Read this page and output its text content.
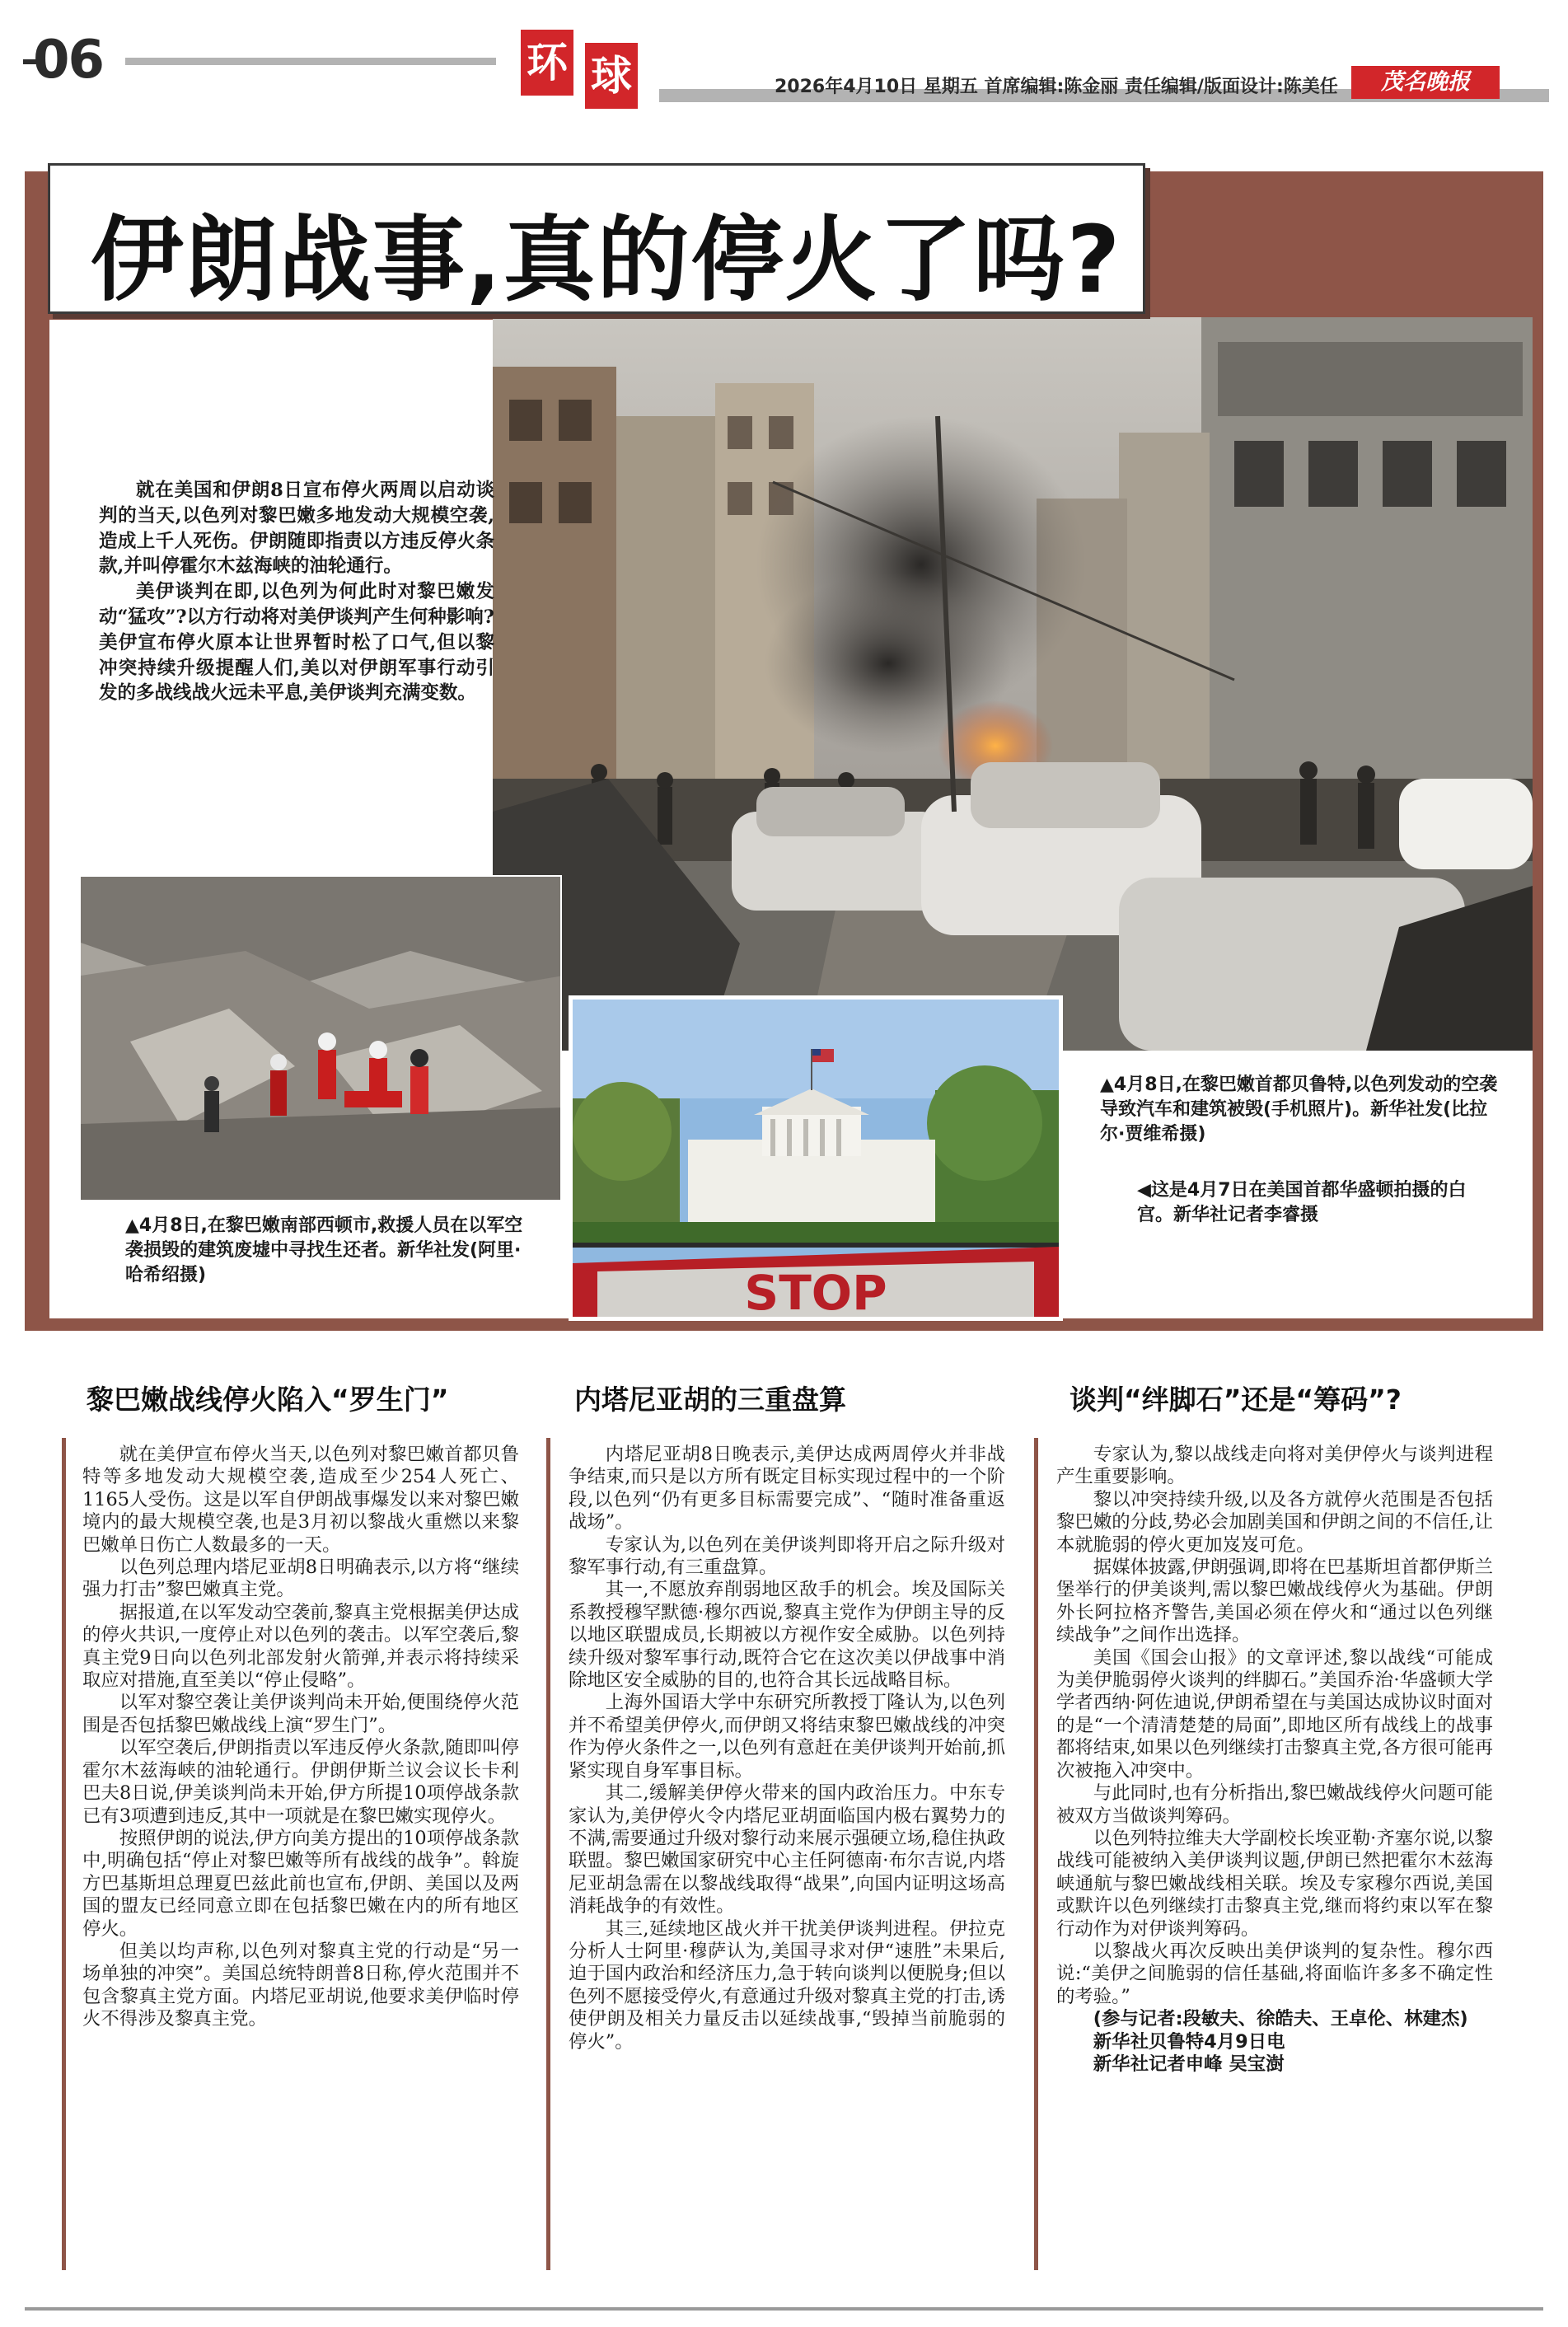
06	环 球	2026年4月10日 星期五 首席编辑:陈金丽 责任编辑/版面设计:陈美任	茂名晚报
伊朗战事,真的停火了吗?

就在美国和伊朗8日宣布停火两周以启动谈判的当天,以色列对黎巴嫩多地发动大规模空袭,造成上千人死伤。伊朗随即指责以方违反停火条款,并叫停霍尔木兹海峡的油轮通行。

美伊谈判在即,以色列为何此时对黎巴嫩发动“猛攻”?以方行动将对美伊谈判产生何种影响?美伊宣布停火原本让世界暂时松了口气,但以黎冲突持续升级提醒人们,美以对伊朗军事行动引发的多战线战火远未平息,美伊谈判充满变数。

▲4月8日,在黎巴嫩南部西顿市,救援人员在以军空袭损毁的建筑废墟中寻找生还者。新华社发(阿里·哈希绍摄)	STOP
▲4月8日,在黎巴嫩首都贝鲁特,以色列发动的空袭导致汽车和建筑被毁(手机照片)。新华社发(比拉尔·贾维希摄)
◀这是4月7日在美国首都华盛顿拍摄的白宫。新华社记者李睿摄
黎巴嫩战线停火陷入“罗生门”	内塔尼亚胡的三重盘算	谈判“绊脚石”还是“筹码”?

就在美伊宣布停火当天,以色列对黎巴嫩首都贝鲁特等多地发动大规模空袭,造成至少254人死亡、1165人受伤。这是以军自伊朗战事爆发以来对黎巴嫩境内的最大规模空袭,也是3月初以黎战火重燃以来黎巴嫩单日伤亡人数最多的一天。

以色列总理内塔尼亚胡8日明确表示,以方将“继续强力打击”黎巴嫩真主党。

据报道,在以军发动空袭前,黎真主党根据美伊达成的停火共识,一度停止对以色列的袭击。以军空袭后,黎真主党9日向以色列北部发射火箭弹,并表示将持续采取应对措施,直至美以“停止侵略”。

以军对黎空袭让美伊谈判尚未开始,便围绕停火范围是否包括黎巴嫩战线上演“罗生门”。

以军空袭后,伊朗指责以军违反停火条款,随即叫停霍尔木兹海峡的油轮通行。伊朗伊斯兰议会议长卡利巴夫8日说,伊美谈判尚未开始,伊方所提10项停战条款已有3项遭到违反,其中一项就是在黎巴嫩实现停火。

按照伊朗的说法,伊方向美方提出的10项停战条款中,明确包括“停止对黎巴嫩等所有战线的战争”。斡旋方巴基斯坦总理夏巴兹此前也宣布,伊朗、美国以及两国的盟友已经同意立即在包括黎巴嫩在内的所有地区停火。

但美以均声称,以色列对黎真主党的行动是“另一场单独的冲突”。美国总统特朗普8日称,停火范围并不包含黎真主党方面。内塔尼亚胡说,他要求美伊临时停火不得涉及黎真主党。

内塔尼亚胡8日晚表示,美伊达成两周停火并非战争结束,而只是以方所有既定目标实现过程中的一个阶段,以色列“仍有更多目标需要完成”、“随时准备重返战场”。

专家认为,以色列在美伊谈判即将开启之际升级对黎军事行动,有三重盘算。

其一,不愿放弃削弱地区敌手的机会。埃及国际关系教授穆罕默德·穆尔西说,黎真主党作为伊朗主导的反以地区联盟成员,长期被以方视作安全威胁。以色列持续升级对黎军事行动,既符合它在这次美以伊战事中消除地区安全威胁的目的,也符合其长远战略目标。

上海外国语大学中东研究所教授丁隆认为,以色列并不希望美伊停火,而伊朗又将结束黎巴嫩战线的冲突作为停火条件之一,以色列有意赶在美伊谈判开始前,抓紧实现自身军事目标。

其二,缓解美伊停火带来的国内政治压力。中东专家认为,美伊停火令内塔尼亚胡面临国内极右翼势力的不满,需要通过升级对黎行动来展示强硬立场,稳住执政联盟。黎巴嫩国家研究中心主任阿德南·布尔吉说,内塔尼亚胡急需在以黎战线取得“战果”,向国内证明这场高消耗战争的有效性。

其三,延续地区战火并干扰美伊谈判进程。伊拉克分析人士阿里·穆萨认为,美国寻求对伊“速胜”未果后,迫于国内政治和经济压力,急于转向谈判以便脱身;但以色列不愿接受停火,有意通过升级对黎真主党的打击,诱使伊朗及相关力量反击以延续战事,“毁掉当前脆弱的停火”。

专家认为,黎以战线走向将对美伊停火与谈判进程产生重要影响。

黎以冲突持续升级,以及各方就停火范围是否包括黎巴嫩的分歧,势必会加剧美国和伊朗之间的不信任,让本就脆弱的停火更加岌岌可危。

据媒体披露,伊朗强调,即将在巴基斯坦首都伊斯兰堡举行的伊美谈判,需以黎巴嫩战线停火为基础。伊朗外长阿拉格齐警告,美国必须在停火和“通过以色列继续战争”之间作出选择。

美国《国会山报》的文章评述,黎以战线“可能成为美伊脆弱停火谈判的绊脚石。”美国乔治·华盛顿大学学者西纳·阿佐迪说,伊朗希望在与美国达成协议时面对的是“一个清清楚楚的局面”,即地区所有战线上的战事都将结束,如果以色列继续打击黎真主党,各方很可能再次被拖入冲突中。

与此同时,也有分析指出,黎巴嫩战线停火问题可能被双方当做谈判筹码。

以色列特拉维夫大学副校长埃亚勒·齐塞尔说,以黎战线可能被纳入美伊谈判议题,伊朗已然把霍尔木兹海峡通航与黎巴嫩战线相关联。埃及专家穆尔西说,美国或默许以色列继续打击黎真主党,继而将约束以军在黎行动作为对伊谈判筹码。

以黎战火再次反映出美伊谈判的复杂性。穆尔西说:“美伊之间脆弱的信任基础,将面临许多多不确定性的考验。”

(参与记者:段敏夫、徐皓夫、王卓伦、林建杰)

新华社贝鲁特4月9日电

新华社记者申峰 吴宝澍
